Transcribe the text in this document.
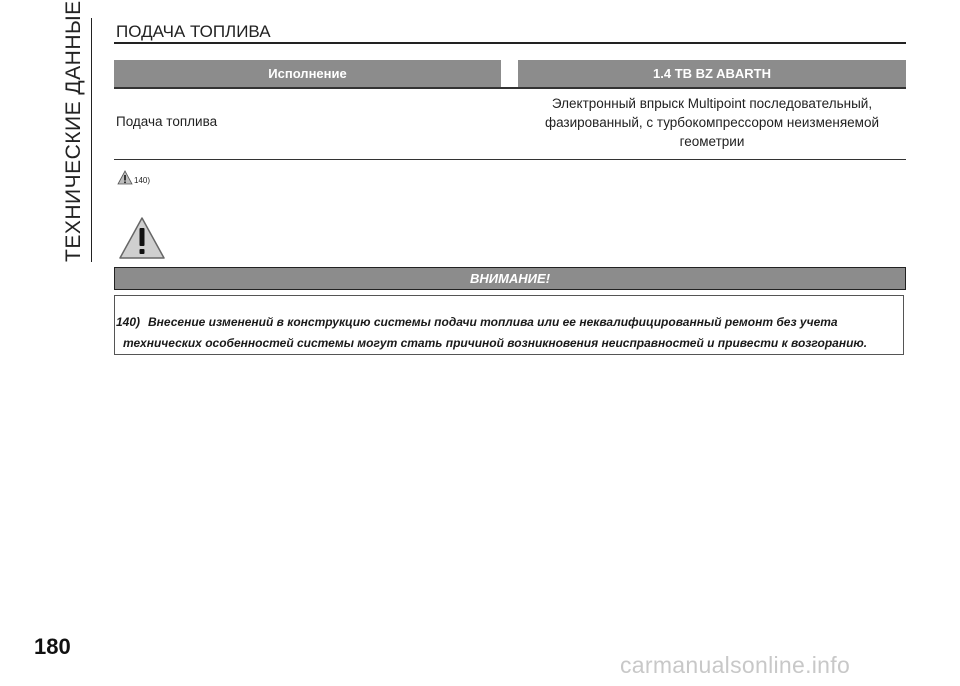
ТЕХНИЧЕСКИЕ ДАННЫЕ ПОДАЧА ТОПЛИВА
Исполнение	1.4 TB BZ ABARTH
Подача топлива
Электронный впрыск Multipoint последовательный,
фазированный, с турбокомпрессором неизменяемой
геометрии
140)
ВНИМАНИЕ!
140) Внесение изменений в конструкцию системы подачи топлива или ее неквалифицированный ремонт без учета
технических особенностей системы могут стать причиной возникновения неисправностей и привести к возгоранию.
180
carmanualsonline.info
